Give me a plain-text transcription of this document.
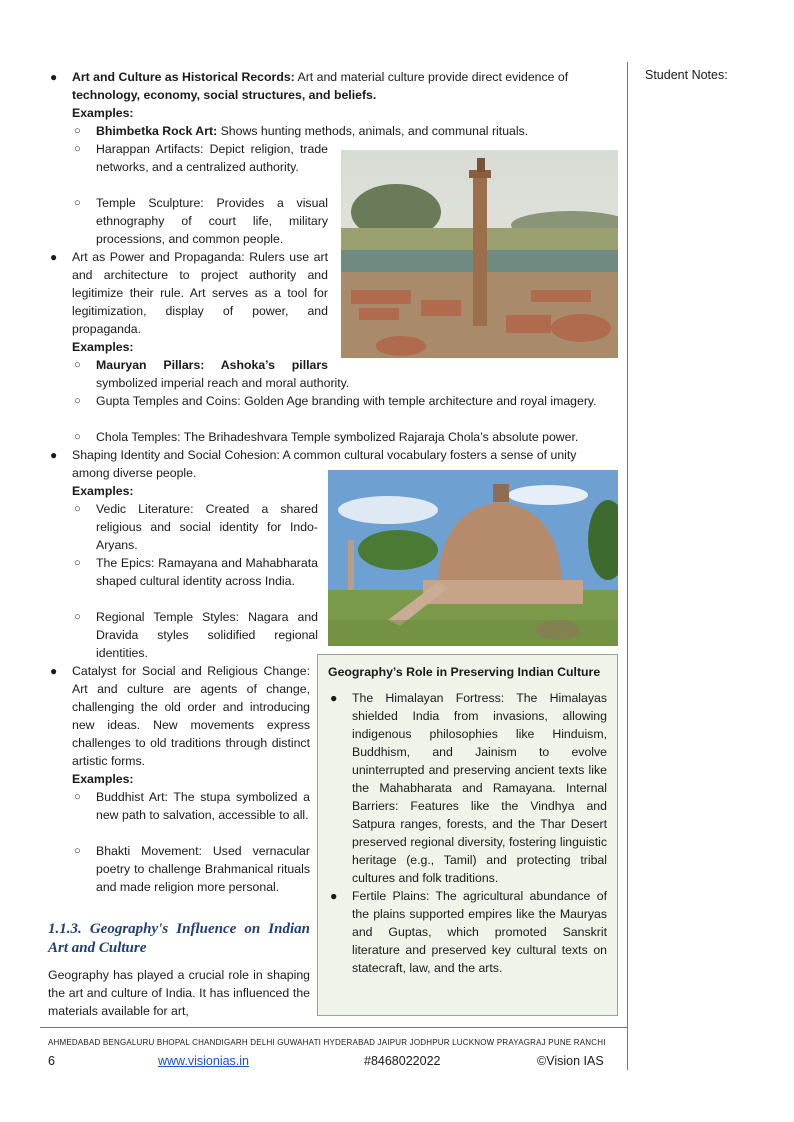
Student Notes:
● Art and Culture as Historical Records: Art and material culture provide direct evidence of
technology, economy, social structures, and beliefs.
Examples:
○ Bhimbetka Rock Art: Shows hunting methods, animals, and communal rituals.
○ Harappan Artifacts: Depict religion, trade networks, and a centralized authority.
○ Temple Sculpture: Provides a visual ethnography of court life, military processions, and common people.
● Art as Power and Propaganda: Rulers use art and architecture to project authority and legitimize their rule. Art serves as a tool for legitimization, display of power, and propaganda.
Examples:
○ Mauryan Pillars: Ashoka’s pillars
symbolized imperial reach and moral authority.
○ Gupta Temples and Coins: Golden Age branding with temple architecture and royal imagery.
○ Chola Temples: The Brihadeshvara Temple symbolized Rajaraja Chola’s absolute power.
● Shaping Identity and Social Cohesion: A common cultural vocabulary fosters a sense of unity
among diverse people.
Examples:
○ Vedic Literature: Created a shared religious and social identity for Indo-Aryans.
○ The Epics: Ramayana and Mahabharata shaped cultural identity across India.
○ Regional Temple Styles: Nagara and Dravida styles solidified regional identities.
● Catalyst for Social and Religious Change: Art and culture are agents of change, challenging the old order and introducing new ideas. New movements express challenges to old traditions through distinct artistic forms.
Examples:
○ Buddhist Art: The stupa symbolized a new path to salvation, accessible to all.
○ Bhakti Movement: Used vernacular poetry to challenge Brahmanical rituals and made religion more personal.
1.1.3. Geography's Influence on Indian Art and Culture
Geography has played a crucial role in shaping the art and culture of India. It has influenced the materials available for art,
Geography’s Role in Preserving Indian Culture
● The Himalayan Fortress: The Himalayas shielded India from invasions, allowing indigenous philosophies like Hinduism, Buddhism, and Jainism to evolve uninterrupted and preserving ancient texts like the Mahabharata and Ramayana. Internal Barriers: Features like the Vindhya and Satpura ranges, forests, and the Thar Desert preserved regional diversity, fostering linguistic heritage (e.g., Tamil) and protecting tribal cultures and folk traditions.
● Fertile Plains: The agricultural abundance of the plains supported empires like the Mauryas and Guptas, which promoted Sanskrit literature and preserved key cultural texts on statecraft, law, and the arts.
AHMEDABAD BENGALURU BHOPAL CHANDIGARH DELHI GUWAHATI HYDERABAD JAIPUR JODHPUR LUCKNOW PRAYAGRAJ PUNE RANCHI
6	www.visionias.in	#8468022022	©Vision IAS
